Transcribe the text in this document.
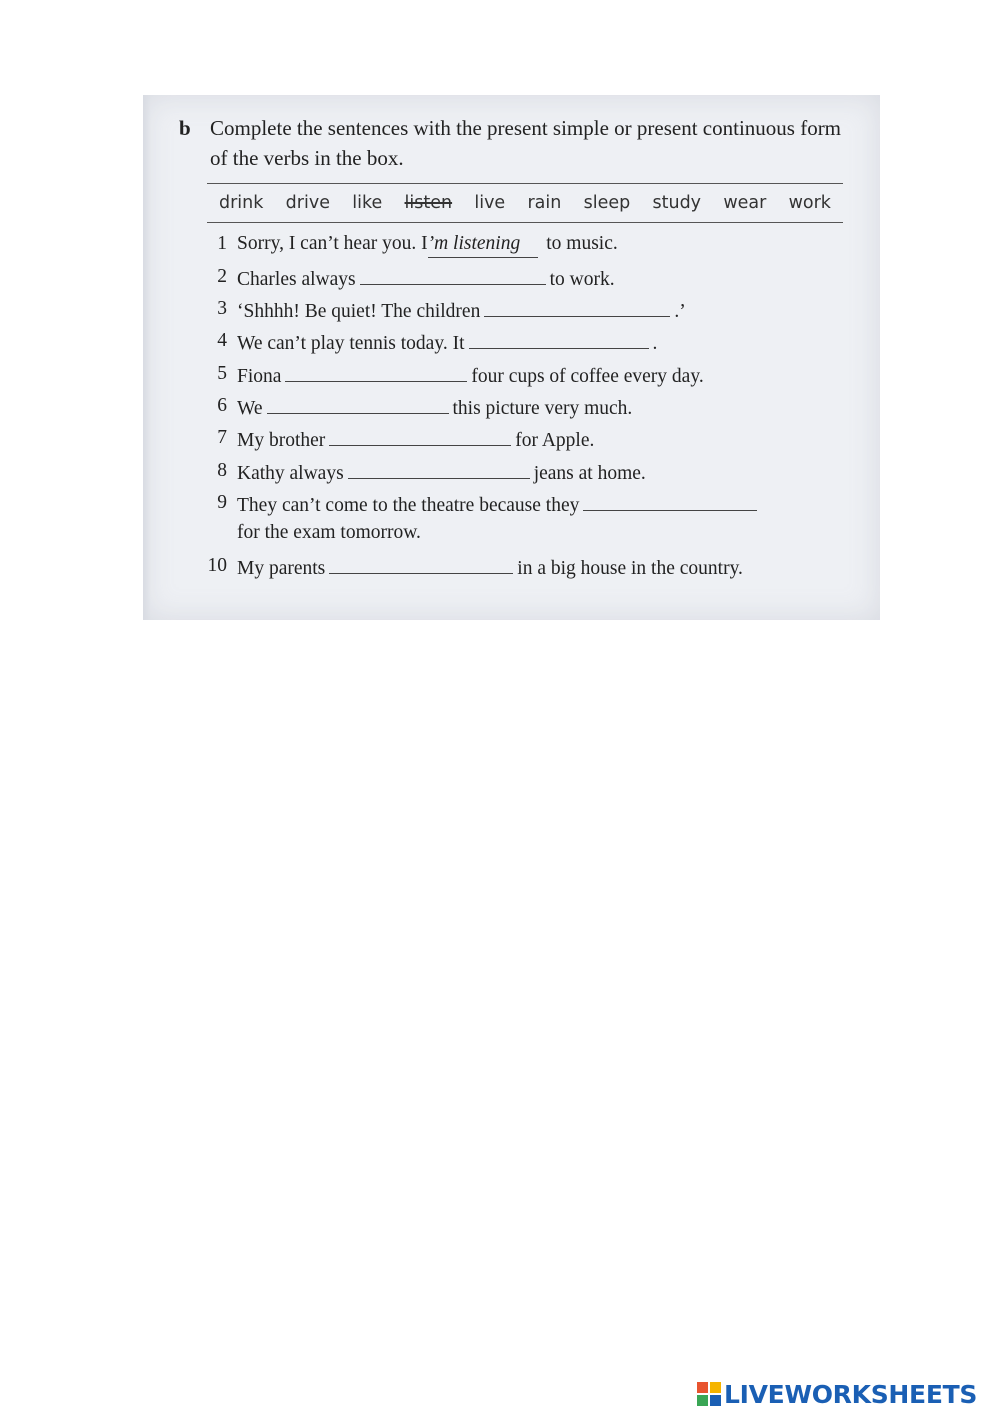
b Complete the sentences with the present simple or present continuous form of the verbs in the box.
drink drive like listen live rain sleep study wear work
1 Sorry, I can’t hear you. I’m listening to music.
2 Charles always	to work.
3 ‘Shhhh! Be quiet! The children	.’
4 We can’t play tennis today. It	.
5 Fiona	four cups of coffee every day.
6 We	this picture very much.
7 My brother	for Apple.
8 Kathy always	jeans at home.
9 They can’t come to the theatre because they
for the exam tomorrow.
10 My parents	in a big house in the country.
LIVEWORKSHEETS
